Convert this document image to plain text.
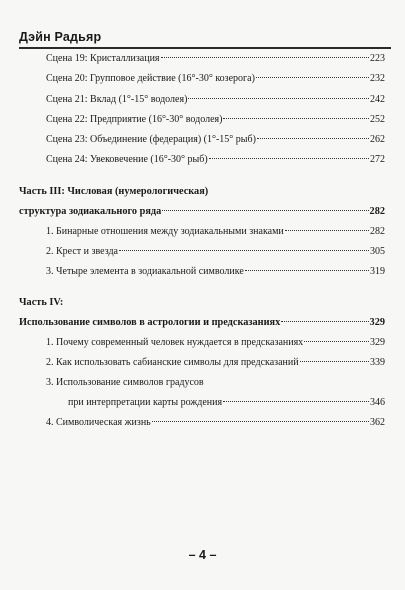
Дэйн Радьяр
Сцена 19: Кристаллизация	223
Сцена 20: Групповое действие (16°-30° козерога)	232
Сцена 21: Вклад (1°-15° водолея)	242
Сцена 22: Предприятие (16°-30° водолея)	252
Сцена 23: Объединение (федерация) (1°-15° рыб)	262
Сцена 24: Увековечение (16°-30° рыб)	272
Часть III: Числовая (нумерологическая)
структура зодиакального ряда	282
1. Бинарные отношения между зодиакальными знаками	282
2. Крест и звезда	305
3. Четыре элемента в зодиакальной символике	319
Часть IV:
Использование символов в астрологии и предсказаниях	329
1. Почему современный человек нуждается в предсказаниях	329
2. Как использовать сабианские символы для предсказаний	339
3. Использование символов градусов
при интерпретации карты рождения	346
4. Символическая жизнь	362
– 4 –
